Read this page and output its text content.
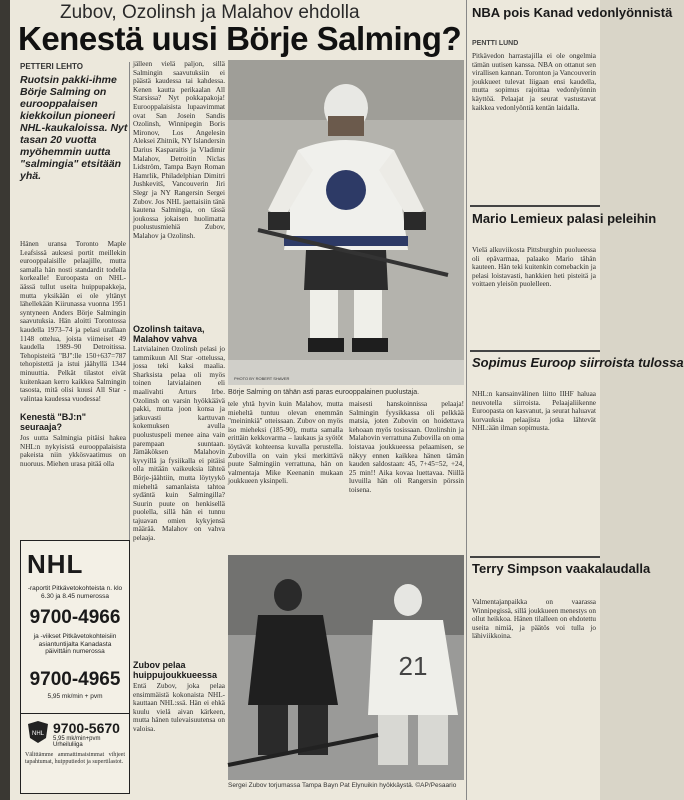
Zubov, Ozolinsh ja Malahov ehdolla
Kenestä uusi Börje Salming?
PETTERI LEHTO
Ruotsin pakki-ihme Börje Salming on eurooppalaisen kiekkoilun pioneeri NHL-kaukaloissa. Nyt tasan 20 vuotta myöhemmin uutta "salmingia" etsitään yhä.
Hänen uransa Toronto Maple Leafsissä auksesi portit meillekin eurooppalaisille pelaajille, mutta samalla hän nosti standardit todella korkealle! Euroopasta on NHL-äässä tullut useita huippupakkeja, mutta yksikään ei ole yltänyt lähellekään Kiirunassa vuonna 1951 syntyneen Anders Börje Salmingin saavutuksia. Hän aloitti Torontossa kaudella 1973–74 ja pelasi urallaan 1148 ottelua, joista viimeiset 49 kaudella 1989–90 Detroitissa. Tehopisteitä "BJ":lle 150+637=787 tehopistettä ja istui jäähyllä 1344 minuuttia. Pelkät tilastot eivät kuitenkaan kerro kaikkea Salmingin tasosta, mitä olisi kuusi All Star -valintaa kaudessa vuodessa!
Kenestä "BJ:n" seuraaja?
Jos uutta Salmingia pitäisi hakea NHL:n nykyisistä eurooppalaisista pakeista niin ykkösvaatimus on nuoruus. Miehen urasa pitää olla
jälleen vielä paljon, sillä Salmingin saavutuksiin ei päästä kaudessa tai kahdessa. Kenen kautta perikaalan All Starsissa? Nyt pokkapakoja! Eurooppalaisista lupaavimmat ovat San Josein Sandis Ozolinsh, Winnipegin Boris Mironov, Los Angelesin Aleksei Zhitnik, NY Islandersin Darius Kasparaitis ja Vladimir Malahov, Detroitin Niclas Lidström, Tampa Bayn Roman Hamrlik, Philadelphian Dimitri Jushkevitš, Vancouverin Jiri Slegr ja NY Rangersin Sergei Zubov. Jos NHL jaettaisiin tänä kautena Salmingia, on tässä joukossa jokaisen huolimatta puolustusmiehiä Zubov, Malahov ja Ozolinsh.
Ozolinsh taitava, Malahov vahva
Latvialainen Ozolinsh pelasi jo tammikuun All Star -ottelussa, jossa teki kaksi maalia. Sharksista pelaa oli myös toinen latvialainen eli maalivahti Arturs Irbe. Ozolinsh on varsin hyökkäävä pakki, mutta joon konsa ja jatkuvasti karttuvan kokemuksen avulla puolustuspeli menee aina vain parempaan suuntaan. Jämäköksen Malahovin kyvyillä ja fysiikalla ei pitäisi olla mitään vaikeuksia lähteä Börje-jäähtiin, mutta löytyykö mieheltä samanlaista tahtoa sydäntä kuin Salmingilla? Suurin puute on henkisellä puolella, sillä hän ei tunnu tajuavan omien kykyjensä määrää. Malahov on vahva pelaaja.
Zubov pelaa huippujoukkueessa
Entä Zubov, joka pelaa ensimmäistä kokonaista NHL-kauttaan NHL:ssä. Hän ei ehkä kuulu vielä aivan kärkeen, mutta hänen tulevaisuutensa on valoisa.
NHL
-raportit Pitkävetokohteista n. klo 6.30 ja 8.45 numerossa
9700-4966
ja -viikset Pitkävetokohteisiin asiantuntijalta Kanadasta päivittäin numerossa
9700-4965
5,95 mk/min + pvm
NHL 9700-5670
5,95 mk/min+pvm Urheiluliiga
Välittämme ammattimaisimmat vihjeet tapahtumat, huipputiedot ja supertilastot.
PHOTO BY ROBERT SHAVER
Börje Salming on tähän asti paras eurooppalainen puolustaja.
tele yhtä hyvin kuin Malahov, mutta mieheltä tuntuu olevan enemmän "meininkiä" otteissaan. Zubov on myös iso mieheksi (185-90), mutta samalla erittäin kekkovarma – laukaus ja syötöt löytävät kohteensa kuvalla perustella. Zubovilla on vain yksi merkittävä puute Salmingiin verrattuna, hän on valmentaja Mike Keenanin mukaan joukkueen yksinpeli.
maisesti hanskoinnissa pelaaja! Salmingin fyysikkassa oli pelkkää matsia, joten Zubovin on hoidettava kehoaan myös tosissaan. Ozolinshin ja Malahovin verrattuna Zubovilla on oma loistavaa joukkueessa pelaamisen, se näkyy ennen kaikkea hänen tämän kauden saldostaan: 45, 7+45=52, +24, 25 min!! Aika kovaa luettavaa. Niillä luvuilla hän oli Rangersin pörssin toisena.
21
Sergei Zubov torjumassa Tampa Bayn Pat Elynuikin hyökkäystä. ©AP/Pesaario
NBA pois Kanad vedonlyönnistä
PENTTI LUND
Pitkävedon harrastajilla ei ole ongelmia tämän uutisen kanssa. NBA on ottanut sen virallisen kannan. Toronton ja Vancouverin joukkueet tulevat liigaan ensi kaudella, mutta sopimus rajoittaa vedonlyönnin käyttöä. Pelaajat ja seurat vastustavat kaikkea vedonlyöntiä kentän laidalla.
Mario Lemieux palasi peleihin
Vielä alkuviikosta Pittsburghin puolueessa oli epävarmaa, palaako Mario tähän kauteen. Hän teki kuitenkin comebackin ja pelasi loistavasti, hankkien heti pisteitä ja voittaen yleisön puolelleen.
Sopimus Euroop siirroista tulossa
NHL:n kansainvälinen liitto IIHF haluaa neuvotella siirroista. Pelaajaliikenne Euroopasta on kasvanut, ja seurat haluavat korvauksia pelaajista jotka lähtevät NHL:ään ilman sopimusta.
Terry Simpson vaakalaudalla
Valmentajanpaikka on vaarassa Winnipegissä, sillä joukkueen menestys on ollut heikkoa. Hänen tilalleen on ehdotettu useita nimiä, ja päätös voi tulla jo lähiviikkoina.
